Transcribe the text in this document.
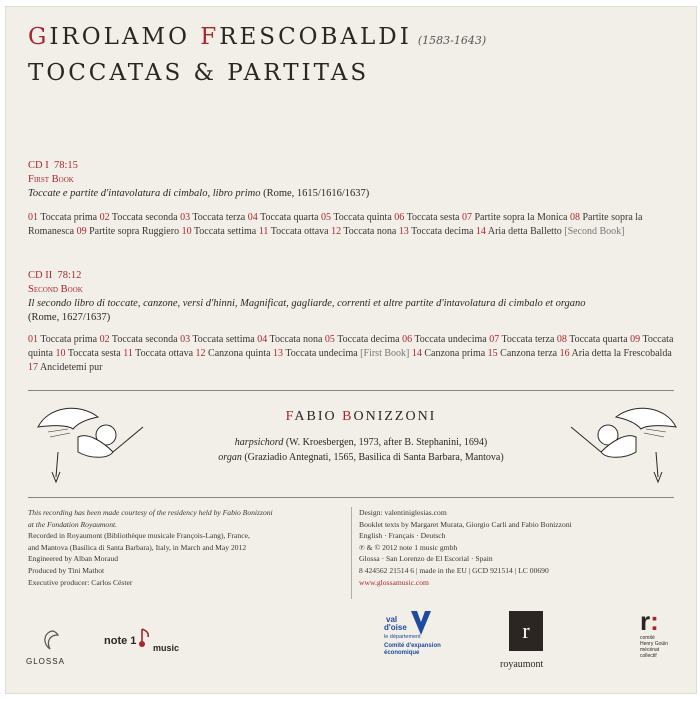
GIROLAMO FRESCOBALDI (1583-1643)
TOCCATAS & PARTITAS
CD I 78:15
First Book
Toccate e partite d'intavolatura di cimbalo, libro primo (Rome, 1615/1616/1637)
01 Toccata prima 02 Toccata seconda 03 Toccata terza 04 Toccata quarta 05 Toccata quinta 06 Toccata sesta 07 Partite sopra la Monica 08 Partite sopra la Romanesca 09 Partite sopra Ruggiero 10 Toccata settima 11 Toccata ottava 12 Toccata nona 13 Toccata decima 14 Aria detta Balletto [Second Book]
CD II 78:12
Second Book
Il secondo libro di toccate, canzone, versi d'hinni, Magnificat, gagliarde, correnti et altre partite d'intavolatura di cimbalo et organo
(Rome, 1627/1637)
01 Toccata prima 02 Toccata seconda 03 Toccata settima 04 Toccata nona 05 Toccata decima 06 Toccata undecima 07 Toccata terza 08 Toccata quarta 09 Toccata quinta 10 Toccata sesta 11 Toccata ottava 12 Canzona quinta 13 Toccata undecima [First Book] 14 Canzona prima 15 Canzona terza 16 Aria detta la Frescobalda 17 Ancidetemi pur
FABIO BONIZZONI
harpsichord (W. Kroesbergen, 1973, after B. Stephanini, 1694)
organ (Graziadio Antegnati, 1565, Basilica di Santa Barbara, Mantova)
This recording has been made courtesy of the residency held by Fabio Bonizzoni
at the Fondation Royaumont.
Recorded in Royaumont (Bibliothèque musicale François-Lang), France,
and Mantova (Basilica di Santa Barbara), Italy, in March and May 2012
Engineered by Alban Moraud
Produced by Tini Mathot
Executive producer: Carlos Céster
Design: valentiniglesias.com
Booklet texts by Margaret Murata, Giorgio Carli and Fabio Bonizzoni
English · Français · Deutsch
℗ & © 2012 note 1 music gmbh
Glossa · San Lorenzo de El Escorial · Spain
8 424562 21514 6 | made in the EU | GCD 921514 | LC 00690
www.glossamusic.com
GLOSSA
note 1
music
val
d'oise
le département
Comité d'expansion
économique
r
royaumont
r:
comité
Henry Goüin
mécénat
collectif
